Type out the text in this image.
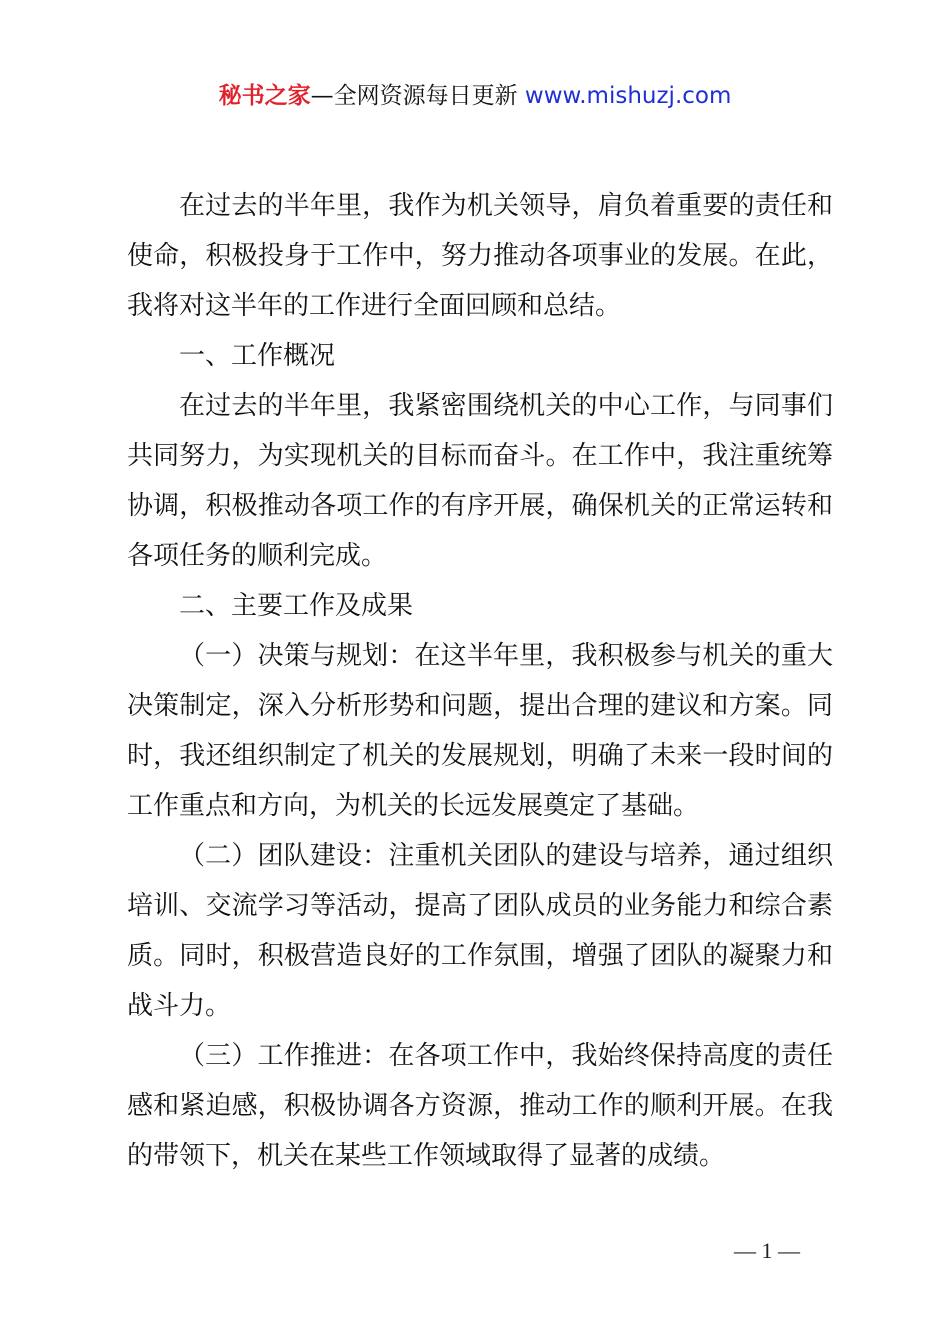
秘书之家—全网资源每日更新 www.mishuzj.com

在过去的半年里，我作为机关领导，肩负着重要的责任和使命，积极投身于工作中，努力推动各项事业的发展。在此，我将对这半年的工作进行全面回顾和总结。

一、工作概况

在过去的半年里，我紧密围绕机关的中心工作，与同事们共同努力，为实现机关的目标而奋斗。在工作中，我注重统筹协调，积极推动各项工作的有序开展，确保机关的正常运转和各项任务的顺利完成。

二、主要工作及成果

（一）决策与规划：在这半年里，我积极参与机关的重大决策制定，深入分析形势和问题，提出合理的建议和方案。同时，我还组织制定了机关的发展规划，明确了未来一段时间的工作重点和方向，为机关的长远发展奠定了基础。

（二）团队建设：注重机关团队的建设与培养，通过组织培训、交流学习等活动，提高了团队成员的业务能力和综合素质。同时，积极营造良好的工作氛围，增强了团队的凝聚力和战斗力。

（三）工作推进：在各项工作中，我始终保持高度的责任感和紧迫感，积极协调各方资源，推动工作的顺利开展。在我的带领下，机关在某些工作领域取得了显著的成绩。

— 1 —
